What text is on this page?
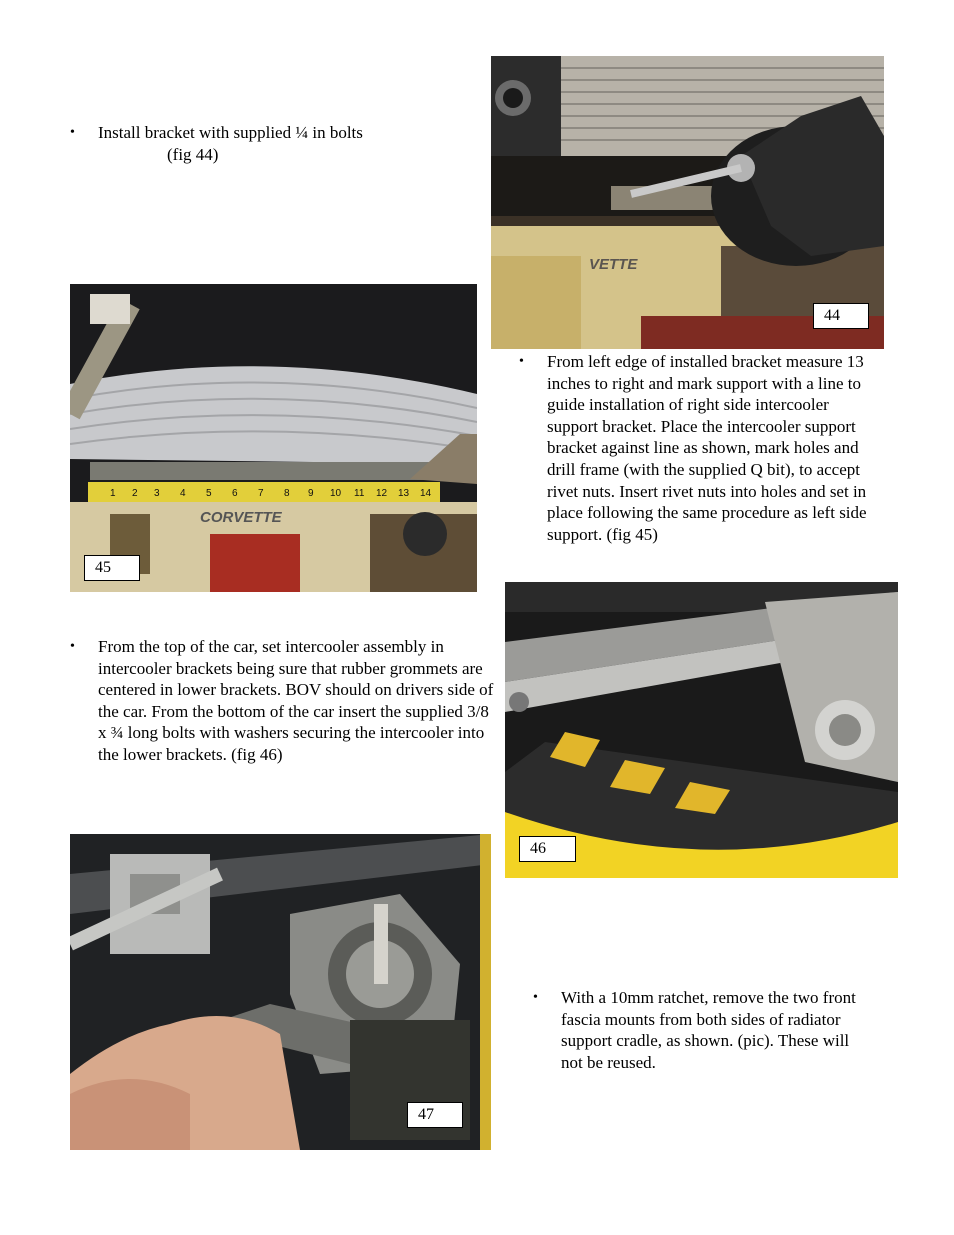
•	Install bracket with supplied ¼ in bolts
(fig 44)
VETTE
44
•	From left edge of installed bracket measure 13 inches to right and mark support with a line to guide installation of right side intercooler support bracket. Place the intercooler support bracket against line as shown, mark holes and drill frame (with the supplied Q bit), to accept rivet nuts. Insert rivet nuts into holes and set in place following the same procedure as left side support. (fig 45)
CORVETTE
1 2 3 4 5 6 7 8 9 10 11 12 13 14
45
46
•	From the top of the car, set intercooler assembly in intercooler brackets being sure that rubber grommets are centered in lower brackets. BOV should on drivers side of the car. From the bottom of the car insert the supplied 3/8 x ¾ long bolts with washers securing the intercooler into the lower brackets. (fig 46)
47
•	With a 10mm ratchet, remove the two front fascia mounts from both sides of radiator support cradle, as shown. (pic). These will not be reused.
